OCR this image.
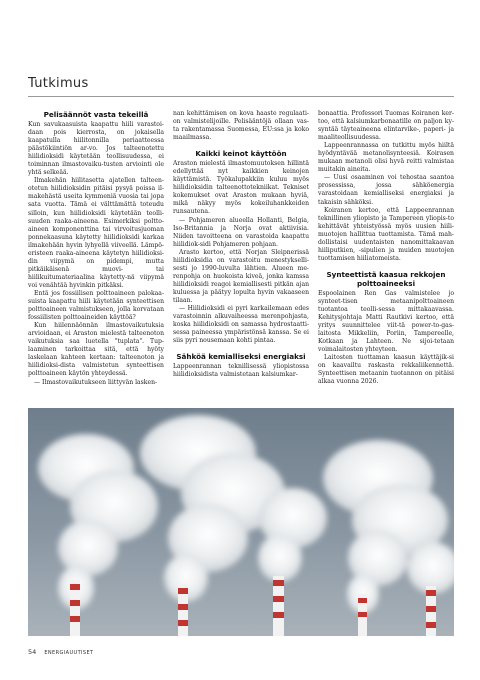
Tutkimus
Pelisäännöt vasta tekeillä

Kun savukaasuista kaapattu hiili varastoi-daan pois kierrosta, on jokaisella kaapatulla hiilitonnilla periaatteessa päästökiintiön ar-vo. Jos talteenotettu hiilidioksidi käytetään teollisuudessa, ei toiminnan ilmastovaiku-tusten arviointi ole yhtä selkeää.

Ilmakehän hiilitasetta ajatellen talteen-otetun hiilidioksidin pitäisi pysyä poissa il-makehästä useita kymmeniä vuosia tai jopa sata vuotta. Tämä ei välttämättä toteudu silloin, kun hiilidioksidi käytetään teolli-suuden raaka-aineena. Esimerkiksi poltto-aineen komponenttina tai virvoitusjuoman ponnekaasuna käytetty hiilidioksidi karkaa ilmakehään hyvin lyhyellä viiveellä. Lämpö-eristeen raaka-aineena käytetyn hiilidioksi-din viipymä on pidempi, mutta pitkäikäisenä muovi- tai hiilikuitumateriaalina käytetty-nä viipymä voi venähtää hyvinkin pitkäksi.

Entä jos fossiilisen polttoaineen palokaa-suista kaapattu hiili käytetään synteettisen polttoaineen valmistukseen, jolla korvataan fossiilisten polttoaineiden käyttöä?

Kun hiilennäönnän ilmastovaikutuksia arvioidaan, ei Araston mielestä talteenoton vaikutuksia saa luetella "tuplata". Tup-laaminen tarkoittaa sitä, että hyöty laskelaan kahteen kertaan: talteenoton ja hiilidioksi-dista valmistetun synteettisen polttoaineen käytön yhteydessä.

— Ilmastovaikutukseen liittyvän lasken-

nan kehittämisen on kova haaste regulaati-on valmistelijoille. Pelisääntöjä ollaan vas-ta rakentamassa Suomessa, EU:ssa ja koko maailmassa.

Kaikki keinot käyttöön

Araston mielestä ilmastomuutoksen hillintä edellyttää nyt kaikkien keinojen käyttämistä. Työkalupakkiin kuluu myös hiilidioksidin talteenottotekniikat. Tekniset kokemukset ovat Araston mukaan hyviä, mikä näkyy myös kokeiluhankkeiden runsautena.

— Pohjameren alueella Hollanti, Belgia, Iso-Britannia ja Norja ovat aktiivisia. Niiden tavoitteena on varastoida kaapattu hiilidiok-sidi Pohjameren pohjaan.

Arasto kertoo, että Norjan Sleipnerissä hiilidioksidia on varastoitu menestykselli-sesti jo 1990-luvulta lähtien. Alueen me-renpohja on huokoista kiveä, jonka kamssa hiilidioksidi reagoi kemiallisesti pitkän ajan kuluessa ja päätyy lopulta hyvin vakaaseen tilaan.

— Hiilidioksidi ei pyri karkailemaan edes varastoinnin alkuvaiheessa merenpohjasta, koska hiilidioksidi on samassa hydrostaatti-sessa paineessa ympäristönsä kanssa. Se ei siis pyri nousemaan kohti pintaa.

Sähköä kemialliseksi energiaksi

Lappeenrannan teknillisessä yliopistossa hiilidioksidista valmistetaan kalsiumkar-

bonaattia. Professori Tuomas Koiranen ker-too, että kalsiumkarbonaatille on paljon ky-syntää täyteaineena elintarvike-, paperi- ja maaliteollisuudessa.

Lappeenrannassa on tutkittu myös hiiltä hyödyntävää metanolisynteesiä. Koirasen mukaan metanoli olisi hyvä reitti valmistaa muitakin aineita.

— Uusi osaaminen voi tehostaa saantoa prosessissa, jossa sähköenergia varastoidaan kemialliseksi energiaksi ja takaisin sähköksi.

Koiranen kertoo, että Lappeenrannan teknillinen yliopisto ja Tampereen yliopis-to kehittävät yhteistyössä myös uusien hiili-muotojen hallittua tuottamista. Tämä mah-dollistaisi uudentaisten nanomittakaavan hiiliputkien, -sipulien ja muiden muotojen tuottamisen hiiliatomeista.

Synteettistä kaasua rekkojen polttoaineeksi

Espoolainen Ren Gas valmistelee jo synteet-tisen metaanipolttoaineen tuotantoa teolli-sessa mittakaavassa. Kehitysjohtaja Matti Rautkivi kertoo, että yritys suunnittelee viit-tä power-to-gas-laitosta Mikkeliin, Poriin, Tampereelle, Kotkaan ja Lahteen. Ne sijoi-tetaan voimalaitosten yhteyteen.

Laitosten tuottaman kaasun käyttäjik-si on kaavailtu raskasta rekkaliikennettä. Synteettisen metaanin tuotannon on pitäisi alkaa vuonna 2026.

54 ENERGIAUUTISET
